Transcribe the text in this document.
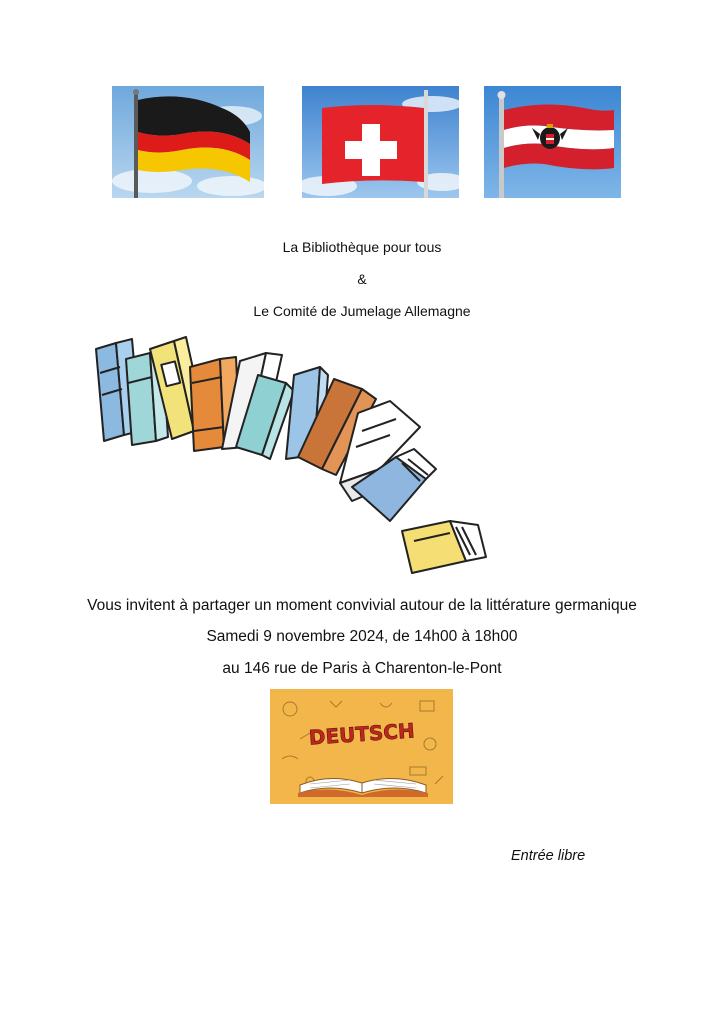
La Bibliothèque pour tous
&
Le Comité de Jumelage Allemagne
Vous invitent à partager un moment convivial autour de la littérature germanique
Samedi 9 novembre 2024, de 14h00 à 18h00
au 146 rue de Paris à Charenton-le-Pont
DEUTSCH
Entrée libre
